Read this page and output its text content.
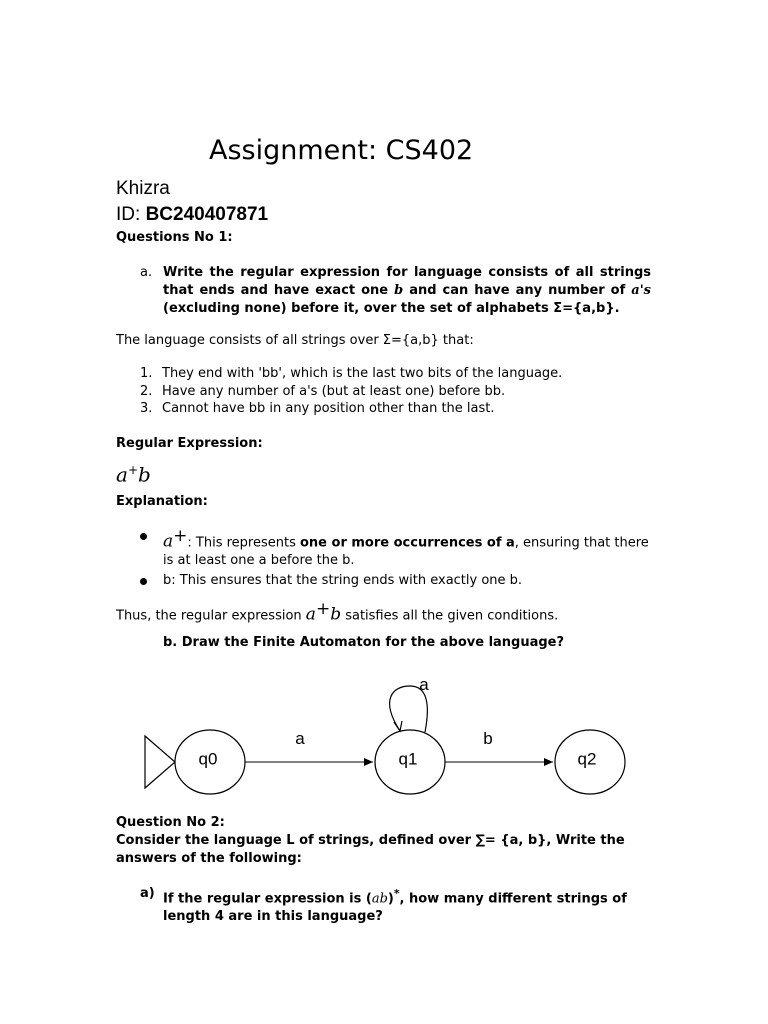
Assignment: CS402
Khizra
ID: BC240407871
Questions No 1:
a. Write the regular expression for language consists of all strings that ends and have exact one b and can have any number of a's (excluding none) before it, over the set of alphabets Σ={a,b}.
The language consists of all strings over Σ={a,b} that:
1. They end with 'bb', which is the last two bits of the language.
2. Have any number of a's (but at least one) before bb.
3. Cannot have bb in any position other than the last.
Regular Expression:
a+b
Explanation:
a+: This represents one or more occurrences of a, ensuring that there is at least one a before the b.
b: This ensures that the string ends with exactly one b.
Thus, the regular expression a+b satisfies all the given conditions.
b. Draw the Finite Automaton for the above language?
q0	q1	q2
a
a
b
Question No 2:
Consider the language L of strings, defined over ∑= {a, b}, Write the answers of the following:
a) If the regular expression is (ab)*, how many different strings of length 4 are in this language?
